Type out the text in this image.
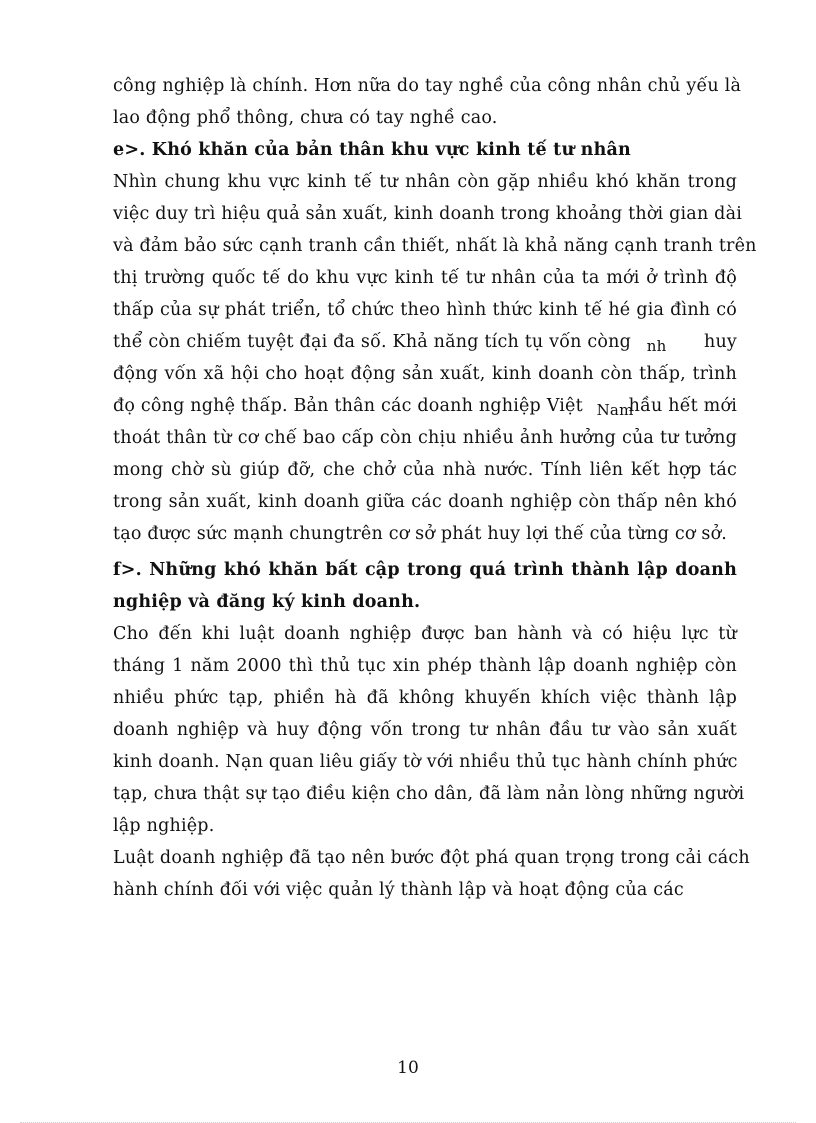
công nghiệp là chính. Hơn nữa do tay nghề của công nhân chủ yếu là
lao động phổ thông, chưa có tay nghề cao.
e>. Khó khăn của bản thân khu vực kinh tế tư nhân
Nhìn chung khu vực kinh tế tư nhân còn gặp nhiều khó khăn trong
việc duy trì hiệu quả sản xuất, kinh doanh trong khoảng thời gian dài
và đảm bảo sức cạnh tranh cần thiết, nhất là khả năng cạnh tranh trên
thị trường quốc tế do khu vực kinh tế tư nhân của ta mới ở trình độ
thấp của sự phát triển, tổ chức theo hình thức kinh tế hé gia đình có
thể còn chiếm tuyệt đại đa số. Khả năng tích tụ vốn còng nh huy
động vốn xã hội cho hoạt động sản xuất, kinh doanh còn thấp, trình
đọ công nghệ thấp. Bản thân các doanh nghiệp Việt Nam
hầu hết mới
thoát thân từ cơ chế bao cấp còn chịu nhiều ảnh hưởng của tư tưởng
mong chờ sù giúp đỡ, che chở của nhà nước. Tính liên kết hợp tác
trong sản xuất, kinh doanh giữa các doanh nghiệp còn thấp nên khó
tạo được sức mạnh chungtrên cơ sở phát huy lợi thế của từng cơ sở.
f>. Những khó khăn bất cập trong quá trình thành lập doanh
nghiệp và đăng ký kinh doanh.
Cho đến khi luật doanh nghiệp được ban hành và có hiệu lực từ
tháng 1 năm 2000 thì thủ tục xin phép thành lập doanh nghiệp còn
nhiều phức tạp, phiền hà đã không khuyến khích việc thành lập
doanh nghiệp và huy động vốn trong tư nhân đầu tư vào sản xuất
kinh doanh. Nạn quan liêu giấy tờ với nhiều thủ tục hành chính phức
tạp, chưa thật sự tạo điều kiện cho dân, đã làm nản lòng những người
lập nghiệp.
Luật doanh nghiệp đã tạo nên bước đột phá quan trọng trong cải cách
hành chính đối với việc quản lý thành lập và hoạt động của các
10
